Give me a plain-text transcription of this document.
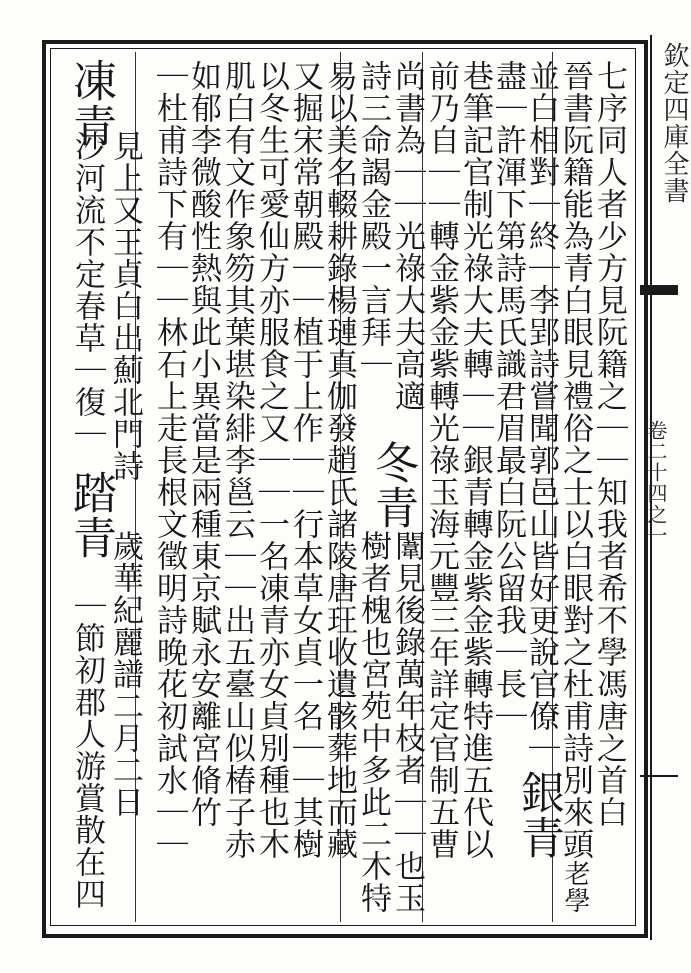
欽定四庫全書
卷二十四之一
七序同人者少方見阮籍之｜｜知我者希不學馮唐之首白
晉書阮籍能為青白眼見禮俗之士以白眼對之杜甫詩別來頭
並白相對｜終｜李郢詩嘗聞郭邑山皆好更說官僚｜
盡｜許渾下第詩馬氏識君眉最白阮公留我｜長｜
巷筆記官制光祿大夫轉｜｜銀青轉金紫金紫轉特進五代以
前乃自｜｜轉金紫金紫轉光祿玉海元豐三年詳定官制五曹
尚書為｜｜光祿大夫高適
闈見後錄萬年枝者｜｜也玉
詩三命謁金殿一言拜｜
樹者槐也宮苑中多此二木特
易以美名輟耕錄楊璉真伽發趙氏諸陵唐玨收遺骸葬地而藏
又掘宋常朝殿｜｜植于上作｜｜行本草女貞一名｜｜其樹
以冬生可愛仙方亦服食之又｜｜一名凍青亦女貞別種也木
肌白有文作象笏其葉堪染緋李邕云｜｜出五臺山似椿子赤
如郁李微酸性熱與此小異當是兩種東京賦永安離宮脩竹
｜杜甫詩下有｜｜林石上走長根文徵明詩晚花初試水｜｜
見上又王貞白出薊北門詩
歲華紀麗譜二月二日
沙河流不定春草｜復｜
｜節初郡人游賞散在四	銀青
老學
冬青
凍青
踏青
